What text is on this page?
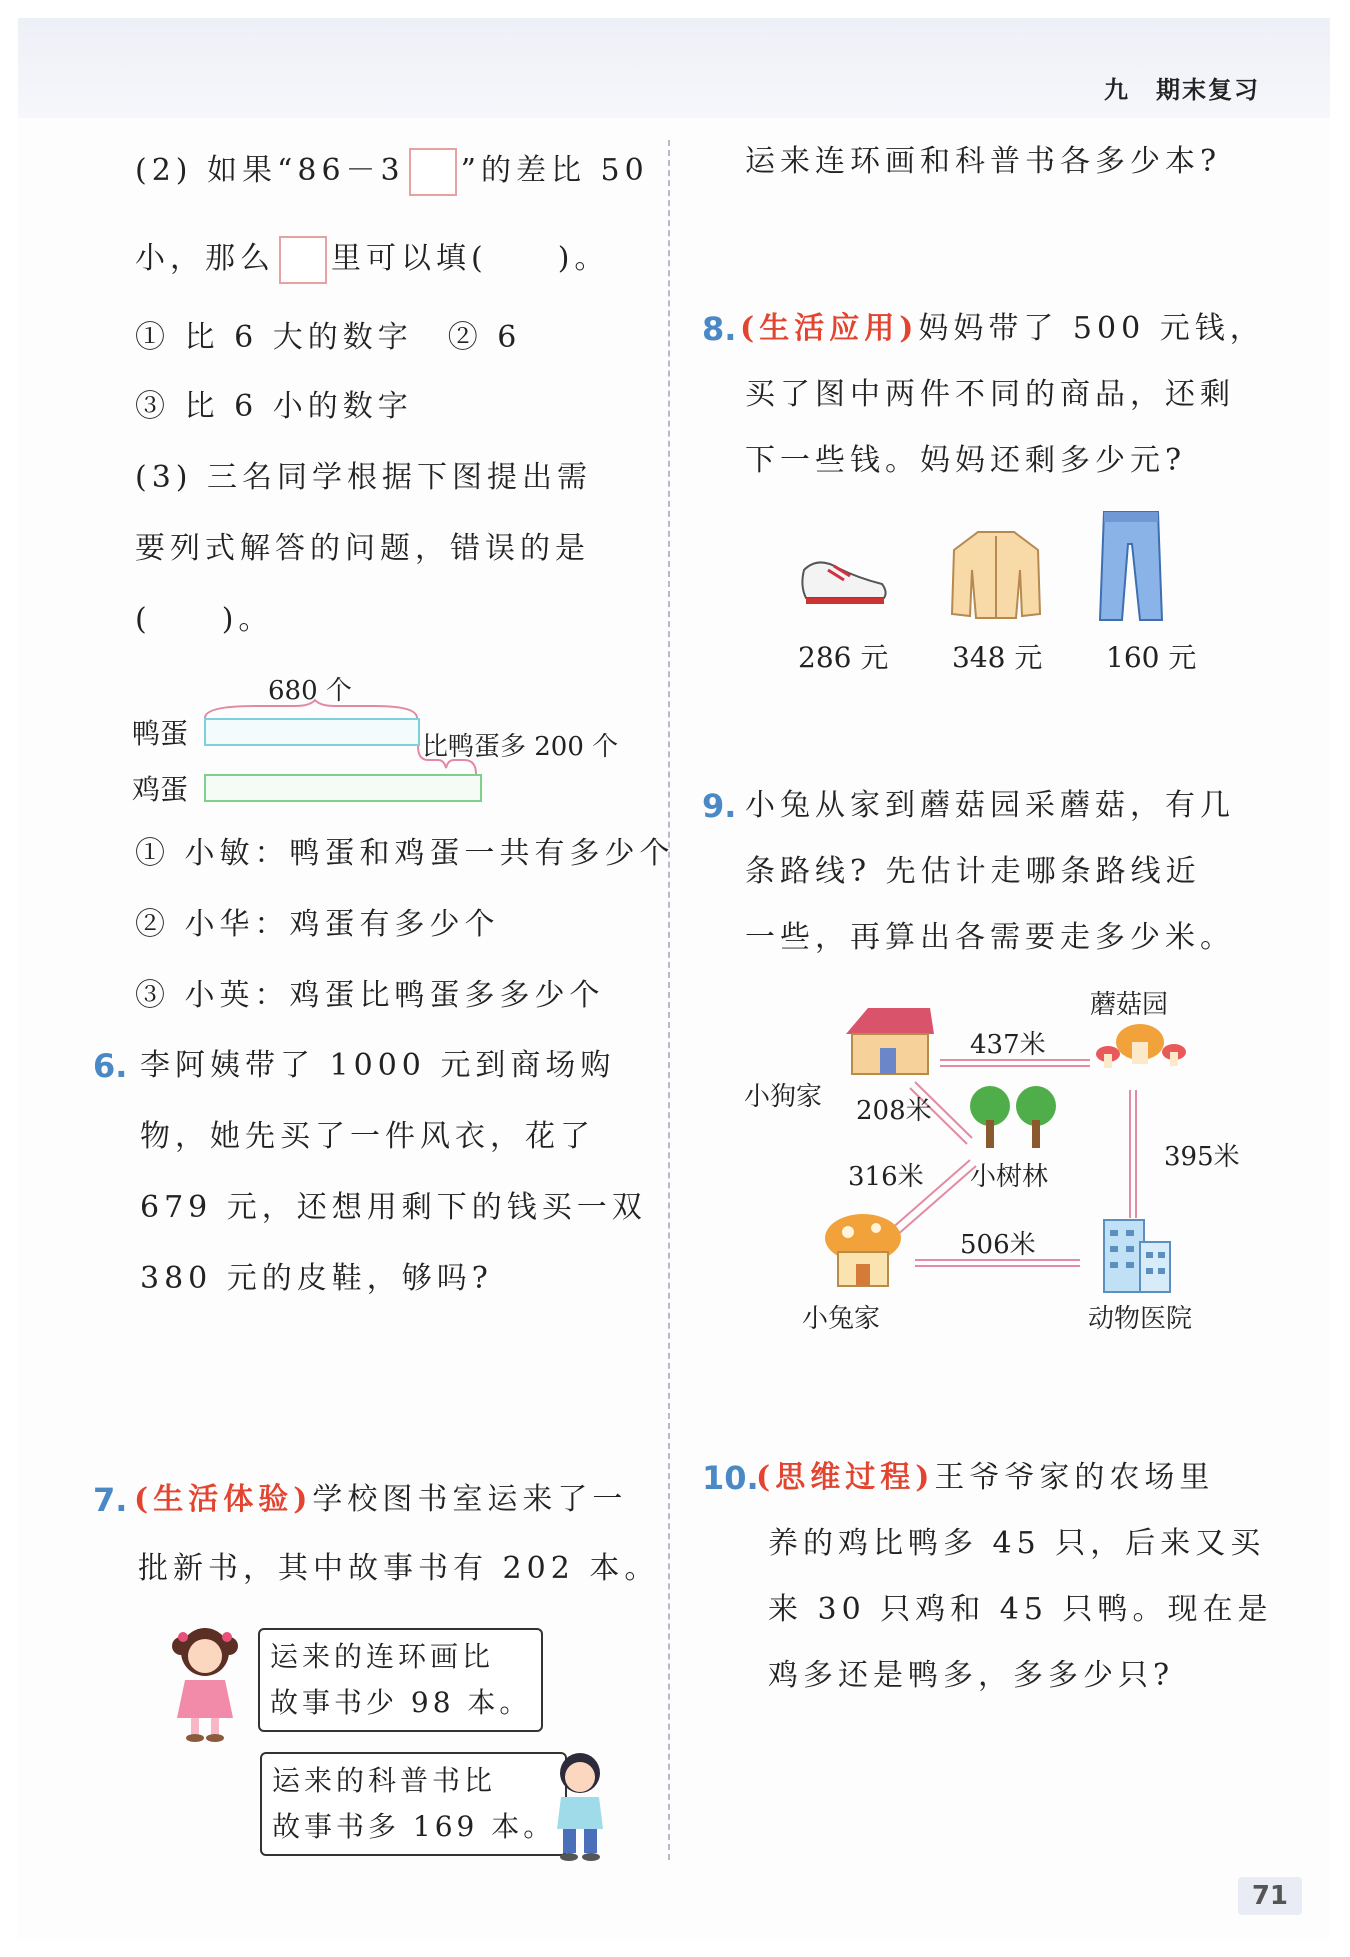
九　期末复习
(2) 如果“86－3 ”的差比 50
小，那么 里可以填(　　)。
① 比 6 大的数字　② 6
③ 比 6 小的数字
(3) 三名同学根据下图提出需
要列式解答的问题，错误的是
(　　)。
680 个
鸭蛋
鸡蛋
比鸭蛋多 200 个
① 小敏：鸭蛋和鸡蛋一共有多少个
② 小华：鸡蛋有多少个
③ 小英：鸡蛋比鸭蛋多多少个
6. 李阿姨带了 1000 元到商场购
物，她先买了一件风衣，花了
679 元，还想用剩下的钱买一双
380 元的皮鞋，够吗?
7. (生活体验)学校图书室运来了一
批新书，其中故事书有 202 本。
运来的连环画比
故事书少 98 本。
运来的科普书比
故事书多 169 本。
运来连环画和科普书各多少本?
8. (生活应用)妈妈带了 500 元钱，
买了图中两件不同的商品，还剩
下一些钱。妈妈还剩多少元?
286 元 348 元 160 元
9. 小兔从家到蘑菇园采蘑菇，有几
条路线? 先估计走哪条路线近
一些，再算出各需要走多少米。
蘑菇园
小狗家
小树林
小兔家	动物医院
437米
208米
316米
395米
506米
10.
(思维过程)王爷爷家的农场里
养的鸡比鸭多 45 只，后来又买
来 30 只鸡和 45 只鸭。现在是
鸡多还是鸭多，多多少只?
71
